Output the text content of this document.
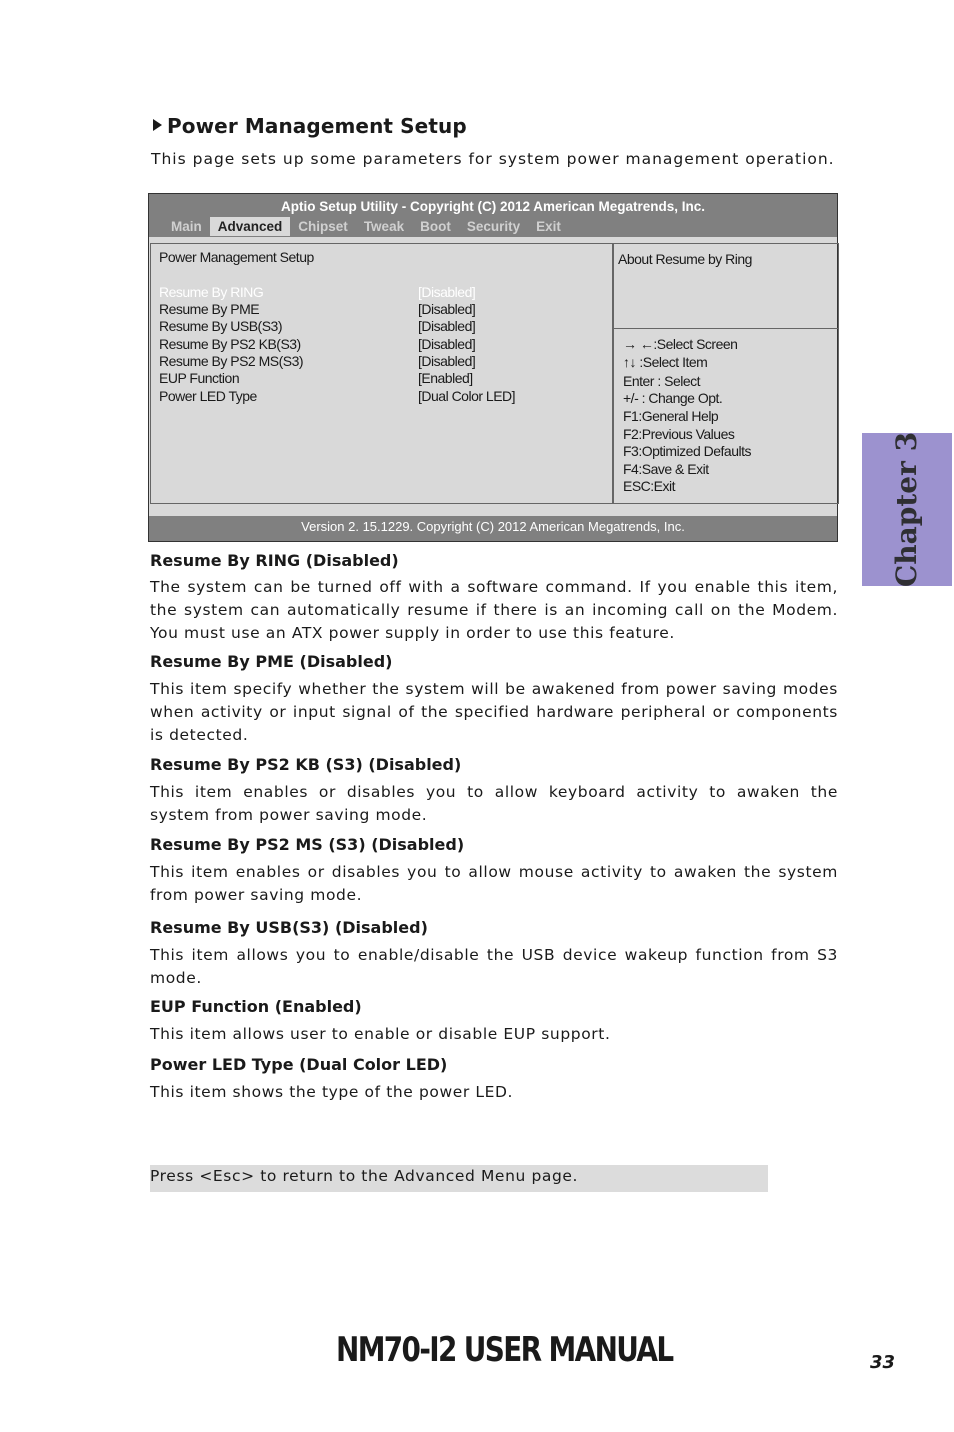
Power Management Setup
This page sets up some parameters for system power management operation.
Aptio Setup Utility - Copyright (C) 2012 American Megatrends, Inc.
Main	Advanced	Chipset	Tweak	Boot	Security	Exit
Power Management Setup
Resume By RING	[Disabled]
Resume By PME	[Disabled]
Resume By USB(S3)	[Disabled]
Resume By PS2 KB(S3)	[Disabled]
Resume By PS2 MS(S3)	[Disabled]
EUP Function	[Enabled]
Power LED Type	[Dual Color LED]
About Resume by Ring
→ ←:Select Screen
↑↓ :Select Item
Enter : Select
+/- : Change Opt.
F1:General Help
F2:Previous Values
F3:Optimized Defaults
F4:Save & Exit
ESC:Exit
Version 2. 15.1229. Copyright (C) 2012 American Megatrends, Inc.
Resume By RING (Disabled)
The system can be turned off with a software command. If you enable this item, the system can automatically resume if there is an incoming call on the Modem. You must use an ATX power supply in order to use this feature.
Resume By PME (Disabled)
This item specify whether the system will be awakened from power saving modes when activity or input signal of the specified hardware peripheral or components is detected.
Resume By PS2 KB (S3) (Disabled)
This item enables or disables you to allow keyboard activity to awaken the system from power saving mode.
Resume By PS2 MS (S3) (Disabled)
This item enables or disables you to allow mouse activity to awaken the system from power saving mode.
Resume By USB(S3) (Disabled)
This item allows you to enable/disable the USB device wakeup function from S3 mode.
EUP Function (Enabled)
This item allows user to enable or disable EUP support.
Power LED Type (Dual Color LED)
This item shows the type of the power LED.
Press <Esc> to return to the Advanced Menu page.
Chapter 3
NM70-I2 USER MANUAL	33
